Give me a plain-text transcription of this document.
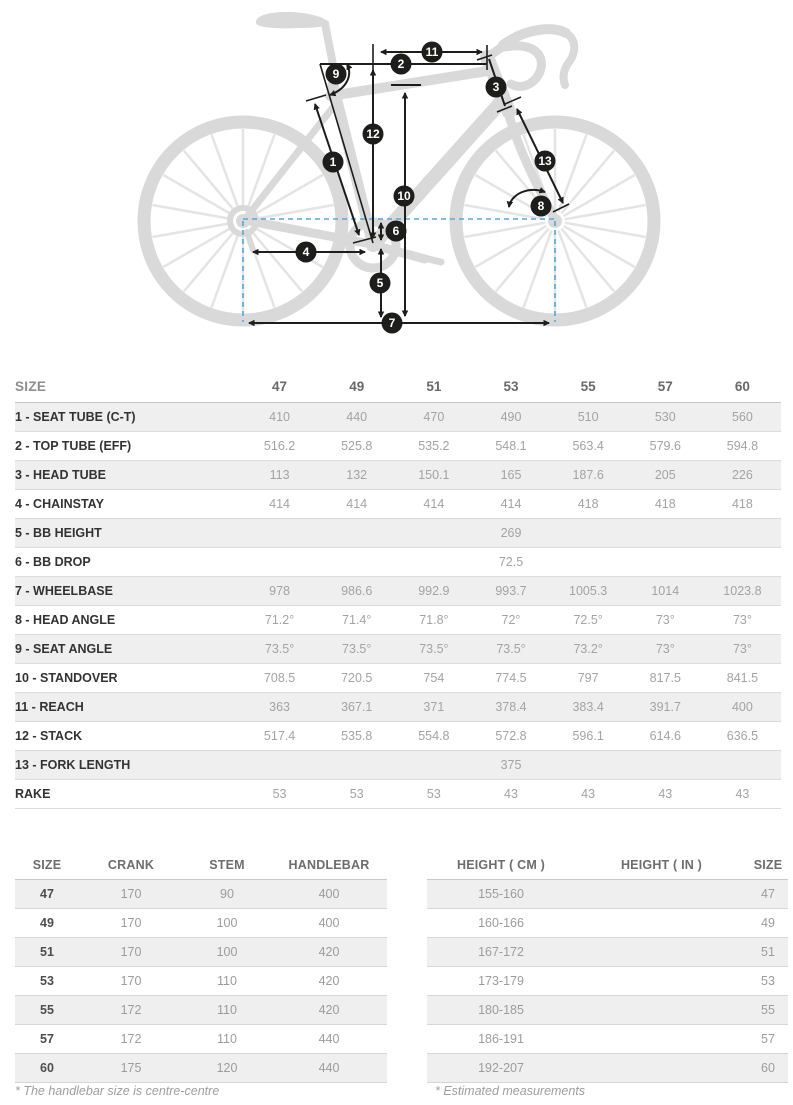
1
2
3
4
5
6
7
8
9
10
11
12
13
SIZE	47	49	51	53	55	57	60
1 - SEAT TUBE (C-T)	410	440	470	490	510	530	560
2 - TOP TUBE (EFF)	516.2	525.8	535.2	548.1	563.4	579.6	594.8
3 - HEAD TUBE	113	132	150.1	165	187.6	205	226
4 - CHAINSTAY	414	414	414	414	418	418	418
5 - BB HEIGHT	269						
6 - BB DROP	72.5						
7 - WHEELBASE	978	986.6	992.9	993.7	1005.3	1014	1023.8
8 - HEAD ANGLE	71.2°	71.4°	71.8°	72°	72.5°	73°	73°
9 - SEAT ANGLE	73.5°	73.5°	73.5°	73.5°	73.2°	73°	73°
10 - STANDOVER	708.5	720.5	754	774.5	797	817.5	841.5
11 - REACH	363	367.1	371	378.4	383.4	391.7	400
12 - STACK	517.4	535.8	554.8	572.8	596.1	614.6	636.5
13 - FORK LENGTH	375						
RAKE	53	53	53	43	43	43	43
SIZE	CRANK	STEM	HANDLEBAR
47	170	90	400
49	170	100	400
51	170	100	420
53	170	110	420
55	172	110	420
57	172	110	440
60	175	120	440
HEIGHT ( CM )	HEIGHT ( IN )	SIZE
155-160		47
160-166		49
167-172		51
173-179		53
180-185		55
186-191		57
192-207		60
* The handlebar size is centre-centre	* Estimated measurements
